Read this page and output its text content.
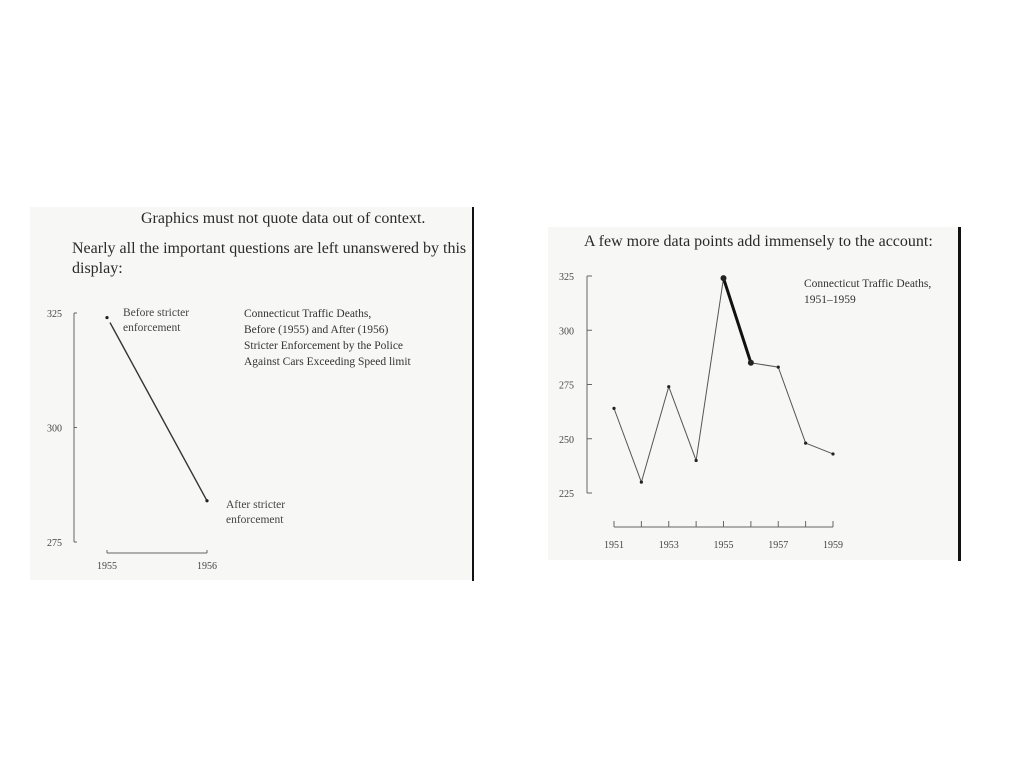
Graphics must not quote data out of context.

Nearly all the important questions are left unanswered by this display:

Connecticut Traffic Deaths,
Before (1955) and After (1956)
Stricter Enforcement by the Police
Against Cars Exceeding Speed limit
A few more data points add immensely to the account:
Connecticut Traffic Deaths,
1951–1959
Before stricter
enforcement
After stricter
enforcement
325
300
275
1955	1956
325
300
275
250
225
1951	1953	1955	1957	1959
